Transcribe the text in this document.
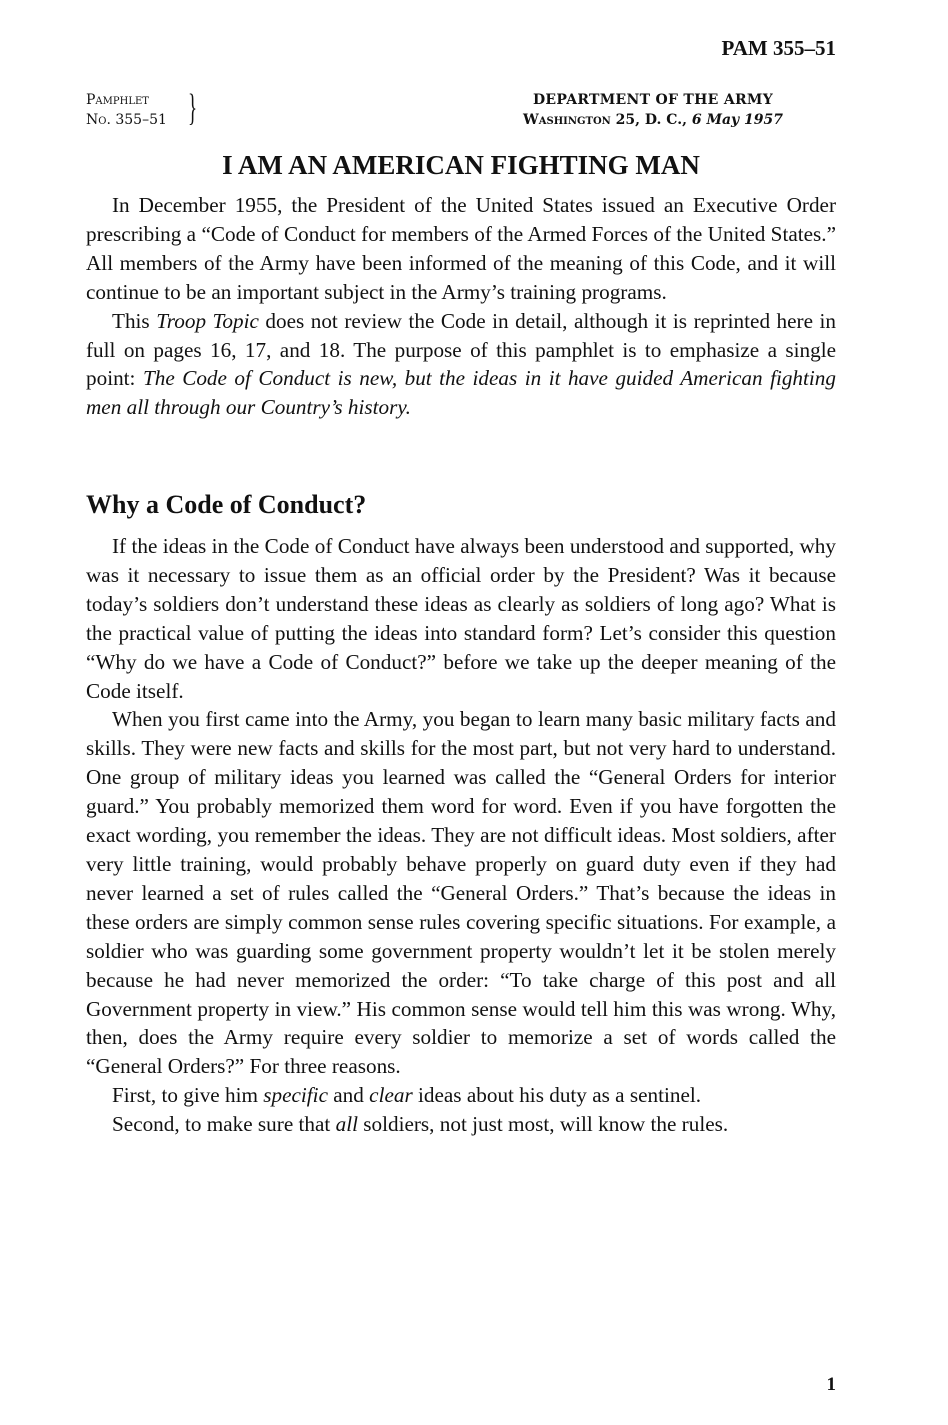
PAM 355–51
Pamphlet
No. 355–51 }	DEPARTMENT OF THE ARMY
Washington 25, D. C., 6 May 1957
I AM AN AMERICAN FIGHTING MAN

In December 1955, the President of the United States issued an Executive Order prescribing a “Code of Conduct for members of the Armed Forces of the United States.” All members of the Army have been informed of the meaning of this Code, and it will continue to be an important subject in the Army’s training programs.

This Troop Topic does not review the Code in detail, although it is reprinted here in full on pages 16, 17, and 18. The purpose of this pamphlet is to emphasize a single point: The Code of Conduct is new, but the ideas in it have guided American fighting men all through our Country’s history.

Why a Code of Conduct?

If the ideas in the Code of Conduct have always been understood and supported, why was it necessary to issue them as an official order by the President? Was it because today’s soldiers don’t understand these ideas as clearly as soldiers of long ago? What is the practical value of putting the ideas into standard form? Let’s consider this question “Why do we have a Code of Conduct?” before we take up the deeper meaning of the Code itself.

When you first came into the Army, you began to learn many basic military facts and skills. They were new facts and skills for the most part, but not very hard to understand. One group of military ideas you learned was called the “General Orders for interior guard.” You probably memorized them word for word. Even if you have forgotten the exact wording, you remember the ideas. They are not difficult ideas. Most soldiers, after very little training, would probably behave properly on guard duty even if they had never learned a set of rules called the “General Orders.” That’s because the ideas in these orders are simply common sense rules covering specific situations. For example, a soldier who was guarding some government property wouldn’t let it be stolen merely because he had never memorized the order: “To take charge of this post and all Government property in view.” His common sense would tell him this was wrong. Why, then, does the Army require every soldier to memorize a set of words called the “General Orders?” For three reasons.

First, to give him specific and clear ideas about his duty as a sentinel.

Second, to make sure that all soldiers, not just most, will know the rules.

1
